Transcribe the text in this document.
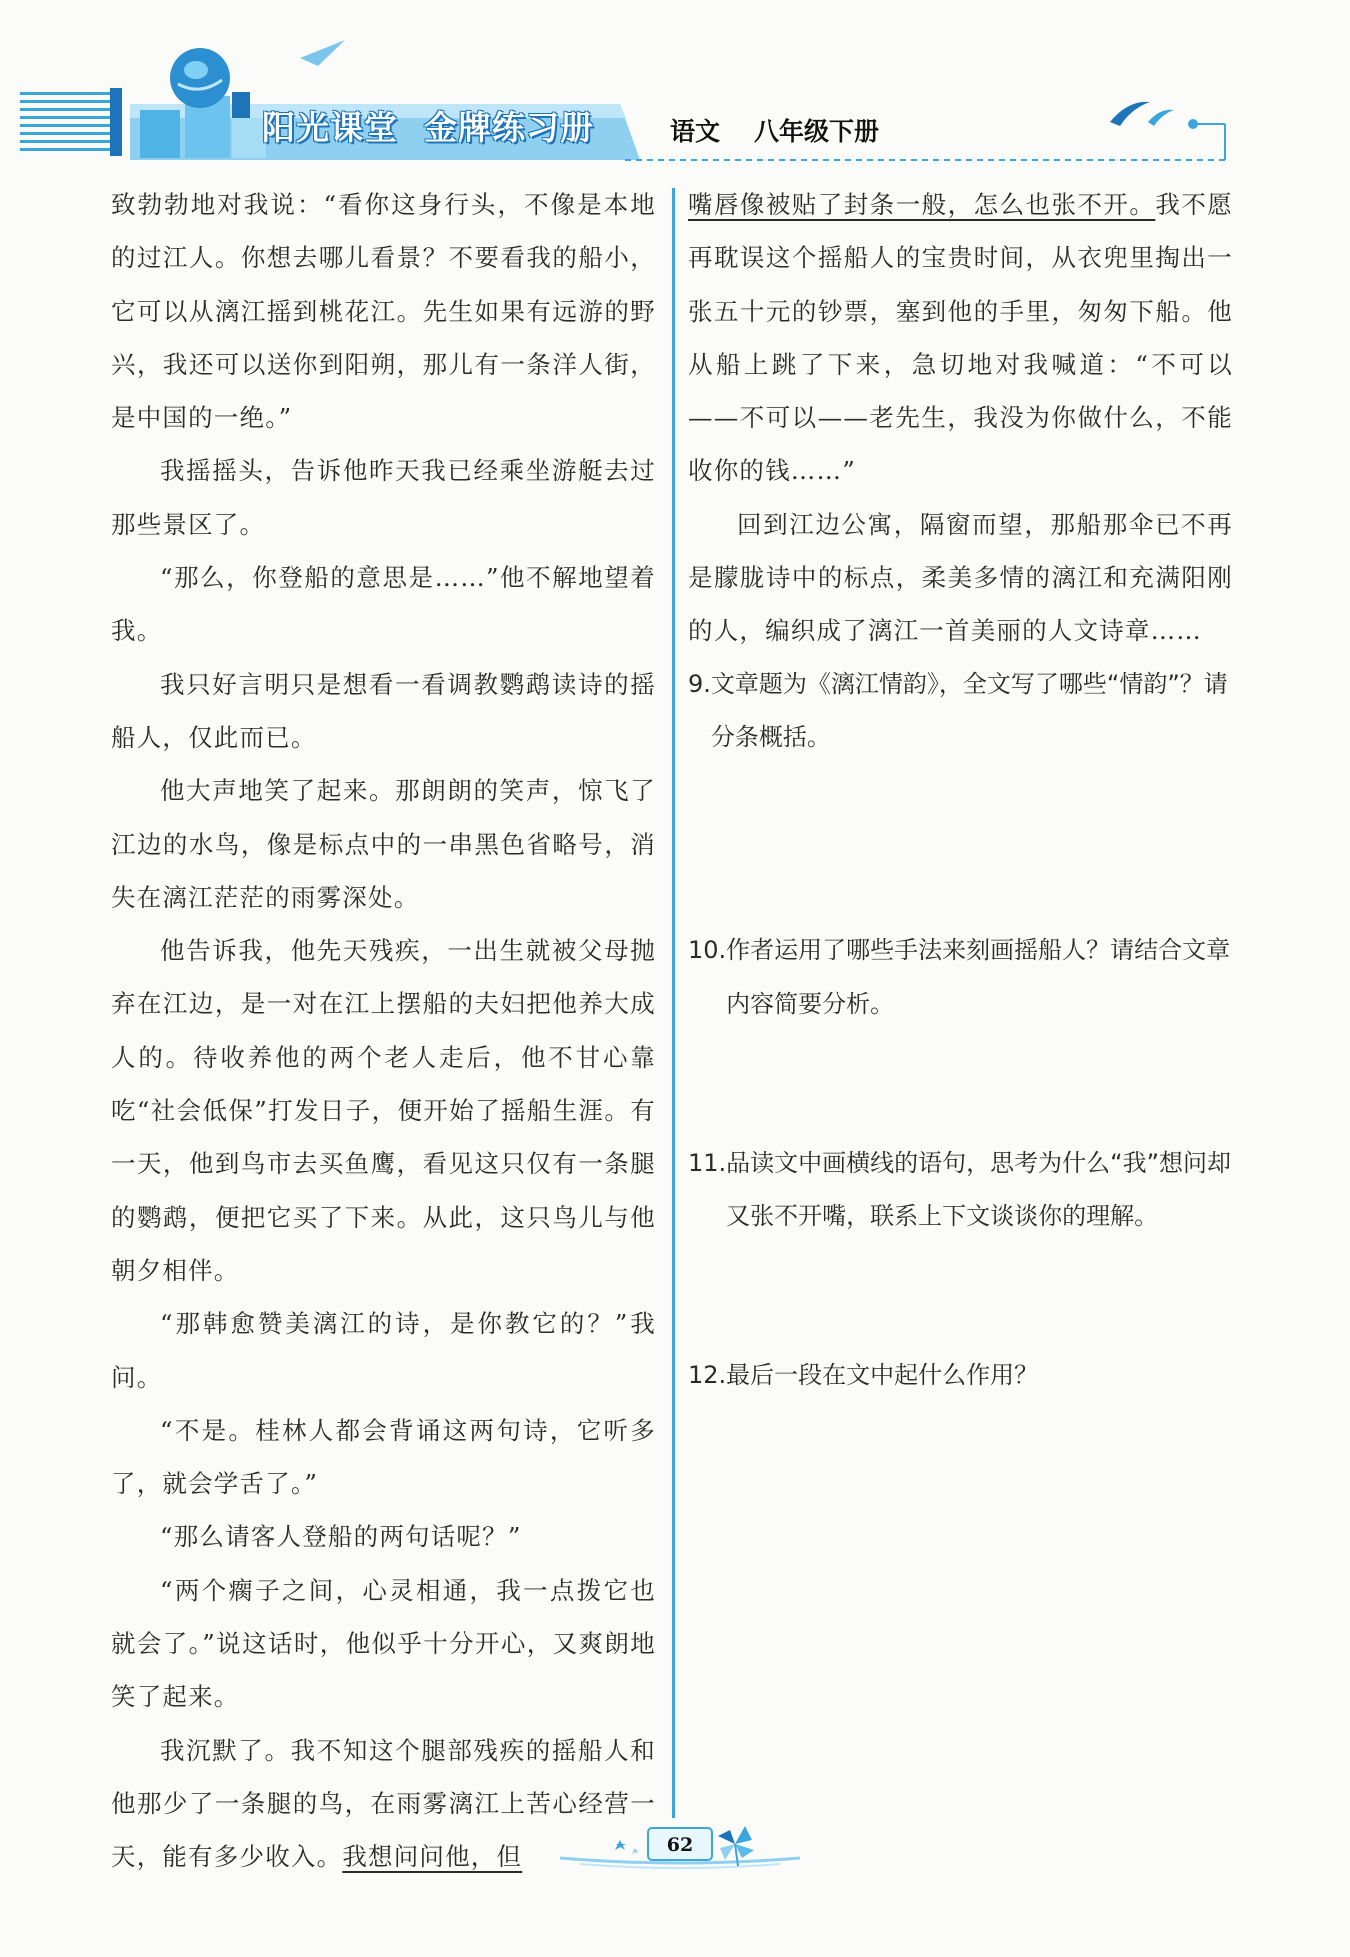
阳光课堂 金牌练习册	语文 八年级下册

致勃勃地对我说：“看你这身行头，不像是本地的过江人。你想去哪儿看景？不要看我的船小，它可以从漓江摇到桃花江。先生如果有远游的野兴，我还可以送你到阳朔，那儿有一条洋人街，是中国的一绝。”

我摇摇头，告诉他昨天我已经乘坐游艇去过那些景区了。

“那么，你登船的意思是……”他不解地望着我。

我只好言明只是想看一看调教鹦鹉读诗的摇船人，仅此而已。

他大声地笑了起来。那朗朗的笑声，惊飞了江边的水鸟，像是标点中的一串黑色省略号，消失在漓江茫茫的雨雾深处。

他告诉我，他先天残疾，一出生就被父母抛弃在江边，是一对在江上摆船的夫妇把他养大成人的。待收养他的两个老人走后，他不甘心靠吃“社会低保”打发日子，便开始了摇船生涯。有一天，他到鸟市去买鱼鹰，看见这只仅有一条腿的鹦鹉，便把它买了下来。从此，这只鸟儿与他朝夕相伴。

“那韩愈赞美漓江的诗，是你教它的？”我问。

“不是。桂林人都会背诵这两句诗，它听多了，就会学舌了。”

“那么请客人登船的两句话呢？”

“两个瘸子之间，心灵相通，我一点拨它也就会了。”说这话时，他似乎十分开心，又爽朗地笑了起来。

我沉默了。我不知这个腿部残疾的摇船人和他那少了一条腿的鸟，在雨雾漓江上苦心经营一天，能有多少收入。我想问问他，但

嘴唇像被贴了封条一般，怎么也张不开。我不愿再耽误这个摇船人的宝贵时间，从衣兜里掏出一张五十元的钞票，塞到他的手里，匆匆下船。他从船上跳了下来，急切地对我喊道：“不可以——不可以——老先生，我没为你做什么，不能收你的钱……”

回到江边公寓，隔窗而望，那船那伞已不再是朦胧诗中的标点，柔美多情的漓江和充满阳刚的人，编织成了漓江一首美丽的人文诗章……

9. 文章题为《漓江情韵》，全文写了哪些“情韵”？请分条概括。
10. 作者运用了哪些手法来刻画摇船人？请结合文章内容简要分析。
11. 品读文中画横线的语句，思考为什么“我”想问却又张不开嘴，联系上下文谈谈你的理解。
12. 最后一段在文中起什么作用？
62
